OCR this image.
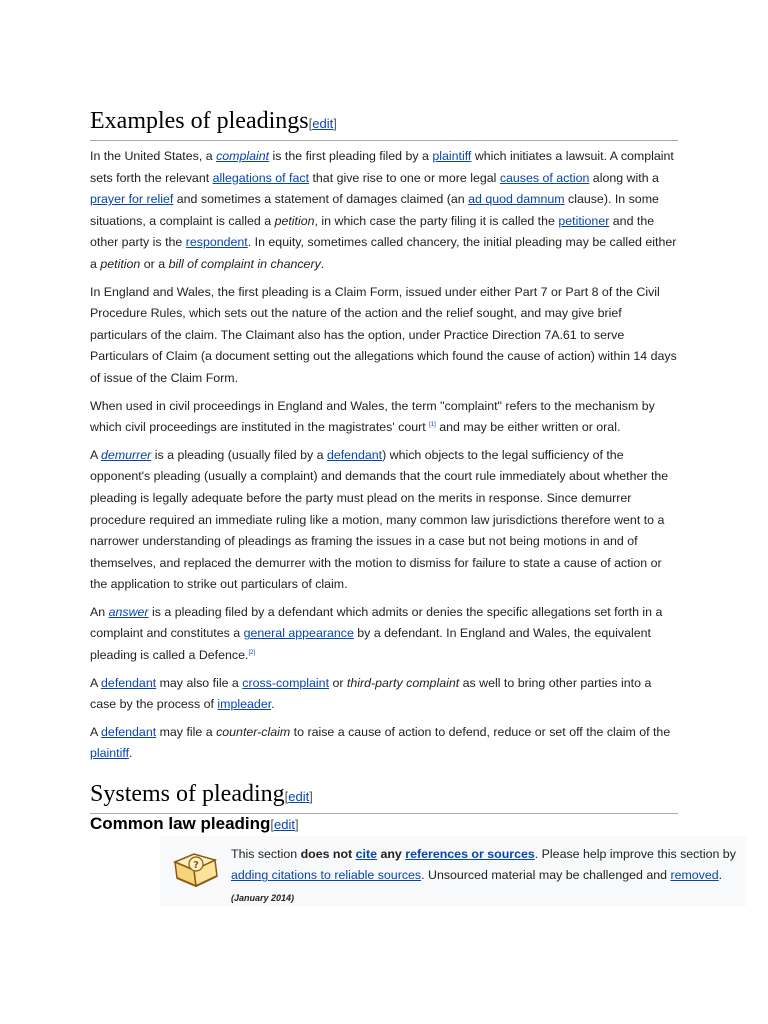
Examples of pleadings[edit]

In the United States, a complaint is the first pleading filed by a plaintiff which initiates a lawsuit. A complaint sets forth the relevant allegations of fact that give rise to one or more legal causes of action along with a prayer for relief and sometimes a statement of damages claimed (an ad quod damnum clause). In some situations, a complaint is called a petition, in which case the party filing it is called the petitioner and the other party is the respondent. In equity, sometimes called chancery, the initial pleading may be called either a petition or a bill of complaint in chancery.

In England and Wales, the first pleading is a Claim Form, issued under either Part 7 or Part 8 of the Civil Procedure Rules, which sets out the nature of the action and the relief sought, and may give brief particulars of the claim. The Claimant also has the option, under Practice Direction 7A.61 to serve Particulars of Claim (a document setting out the allegations which found the cause of action) within 14 days of issue of the Claim Form.

When used in civil proceedings in England and Wales, the term "complaint" refers to the mechanism by which civil proceedings are instituted in the magistrates' court [1] and may be either written or oral.

A demurrer is a pleading (usually filed by a defendant) which objects to the legal sufficiency of the opponent's pleading (usually a complaint) and demands that the court rule immediately about whether the pleading is legally adequate before the party must plead on the merits in response. Since demurrer procedure required an immediate ruling like a motion, many common law jurisdictions therefore went to a narrower understanding of pleadings as framing the issues in a case but not being motions in and of themselves, and replaced the demurrer with the motion to dismiss for failure to state a cause of action or the application to strike out particulars of claim.

An answer is a pleading filed by a defendant which admits or denies the specific allegations set forth in a complaint and constitutes a general appearance by a defendant. In England and Wales, the equivalent pleading is called a Defence.[2]

A defendant may also file a cross-complaint or third-party complaint as well to bring other parties into a case by the process of impleader.

A defendant may file a counter-claim to raise a cause of action to defend, reduce or set off the claim of the plaintiff.

Systems of pleading[edit]
Common law pleading[edit]
?
This section does not cite any references or sources. Please help improve this section by adding citations to reliable sources. Unsourced material may be challenged and removed. (January 2014)
